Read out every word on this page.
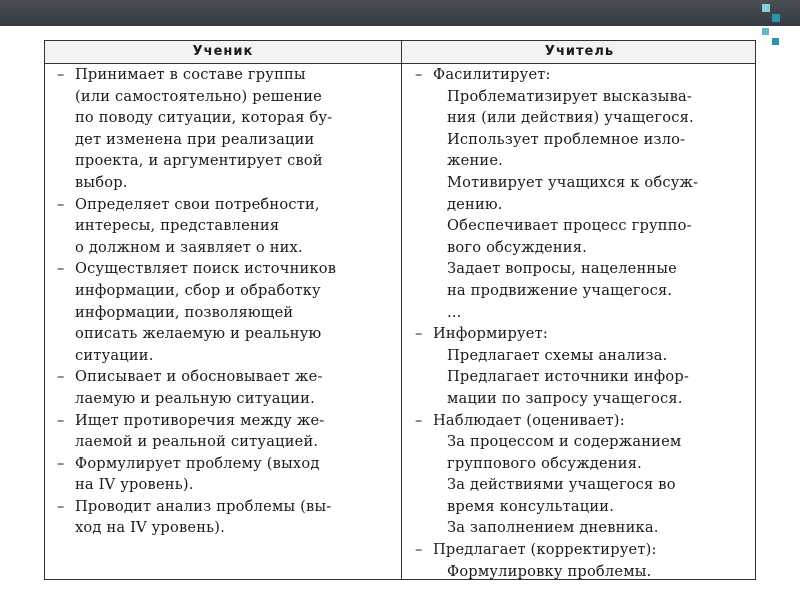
Ученик	Учитель
– Принимает в составе группы
(или самостоятельно) решение
по поводу ситуации, которая бу-
дет изменена при реализации
проекта, и аргументирует свой
выбор.
– Определяет свои потребности,
интересы, представления
о должном и заявляет о них.
– Осуществляет поиск источников
информации, сбор и обработку
информации, позволяющей
описать желаемую и реальную
ситуации.
– Описывает и обосновывает же-
лаемую и реальную ситуации.
– Ищет противоречия между же-
лаемой и реальной ситуацией.
– Формулирует проблему (выход
на IV уровень).
– Проводит анализ проблемы (вы-
ход на IV уровень).
– Фасилитирует:
Проблематизирует высказыва-
ния (или действия) учащегося.
Использует проблемное изло-
жение.
Мотивирует учащихся к обсуж-
дению.
Обеспечивает процесс группо-
вого обсуждения.
Задает вопросы, нацеленные
на продвижение учащегося.
...
– Информирует:
Предлагает схемы анализа.
Предлагает источники инфор-
мации по запросу учащегося.
– Наблюдает (оценивает):
За процессом и содержанием
группового обсуждения.
За действиями учащегося во
время консультации.
За заполнением дневника.
– Предлагает (корректирует):
Формулировку проблемы.
